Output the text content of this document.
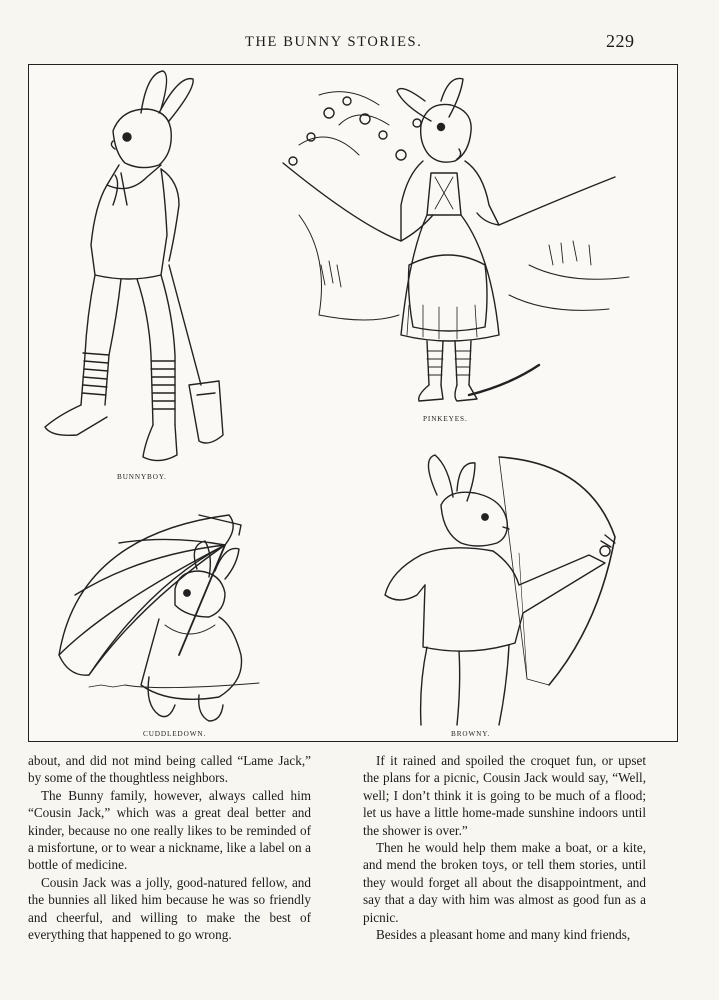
THE BUNNY STORIES.	229
BUNNYBOY.
PINKEYES.
CUDDLEDOWN.	BROWNY.

about, and did not mind being called “Lame Jack,” by some of the thoughtless neighbors.

The Bunny family, however, always called him “Cousin Jack,” which was a great deal better and kinder, because no one really likes to be reminded of a misfortune, or to wear a nickname, like a label on a bottle of medicine.

Cousin Jack was a jolly, good-natured fellow, and the bunnies all liked him because he was so friendly and cheerful, and willing to make the best of everything that happened to go wrong.

If it rained and spoiled the croquet fun, or upset the plans for a picnic, Cousin Jack would say, “Well, well; I don’t think it is going to be much of a flood; let us have a little home-made sunshine indoors until the shower is over.”

Then he would help them make a boat, or a kite, and mend the broken toys, or tell them stories, until they would forget all about the disappointment, and say that a day with him was almost as good fun as a picnic.

Besides a pleasant home and many kind friends,
